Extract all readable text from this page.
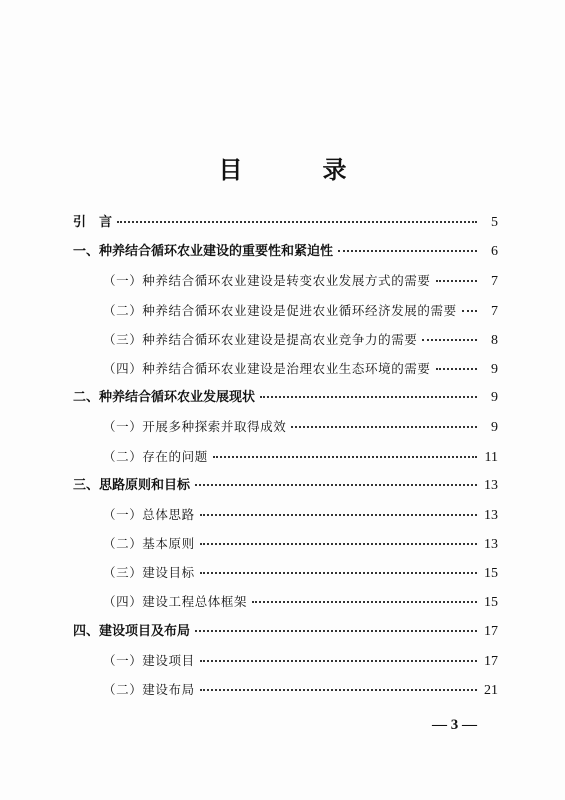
目　录
引　言	5
一、种养结合循环农业建设的重要性和紧迫性	6
（一）种养结合循环农业建设是转变农业发展方式的需要	7
（二）种养结合循环农业建设是促进农业循环经济发展的需要	7
（三）种养结合循环农业建设是提高农业竞争力的需要	8
（四）种养结合循环农业建设是治理农业生态环境的需要	9
二、种养结合循环农业发展现状	9
（一）开展多种探索并取得成效	9
（二）存在的问题	11
三、思路原则和目标	13
（一）总体思路	13
（二）基本原则	13
（三）建设目标	15
（四）建设工程总体框架	15
四、建设项目及布局	17
（一）建设项目	17
（二）建设布局	21
— 3 —
